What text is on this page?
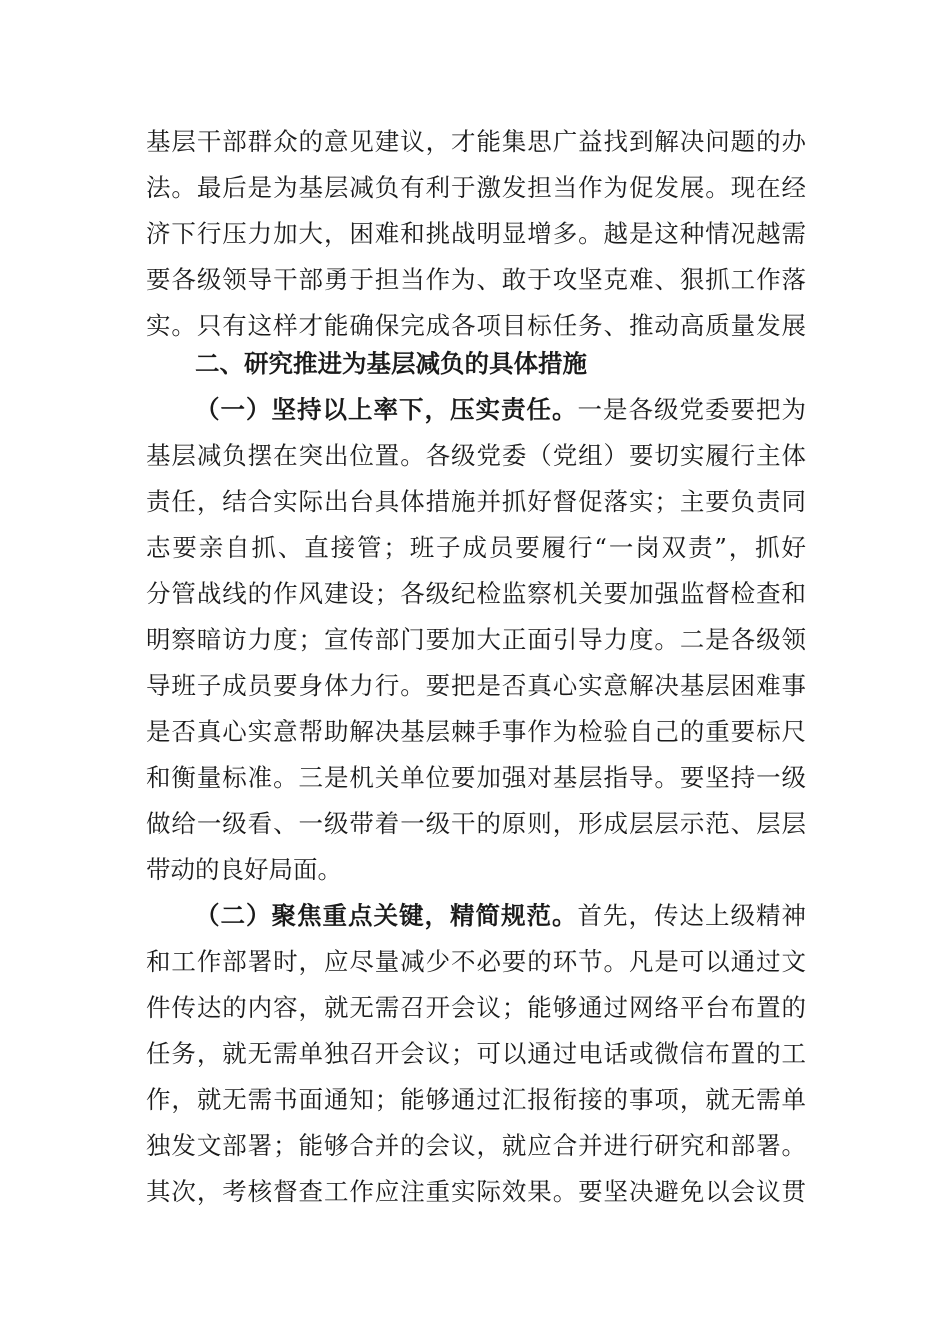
基层干部群众的意见建议，才能集思广益找到解决问题的办
法。最后是为基层减负有利于激发担当作为促发展。现在经
济下行压力加大，困难和挑战明显增多。越是这种情况越需
要各级领导干部勇于担当作为、敢于攻坚克难、狠抓工作落
实。只有这样才能确保完成各项目标任务、推动高质量发展
二、研究推进为基层减负的具体措施
（一）坚持以上率下，压实责任。一是各级党委要把为
基层减负摆在突出位置。各级党委（党组）要切实履行主体
责任，结合实际出台具体措施并抓好督促落实；主要负责同
志要亲自抓、直接管；班子成员要履行“一岗双责”，抓好
分管战线的作风建设；各级纪检监察机关要加强监督检查和
明察暗访力度；宣传部门要加大正面引导力度。二是各级领
导班子成员要身体力行。要把是否真心实意解决基层困难事
是否真心实意帮助解决基层棘手事作为检验自己的重要标尺
和衡量标准。三是机关单位要加强对基层指导。要坚持一级
做给一级看、一级带着一级干的原则，形成层层示范、层层
带动的良好局面。
（二）聚焦重点关键，精简规范。首先，传达上级精神
和工作部署时，应尽量减少不必要的环节。凡是可以通过文
件传达的内容，就无需召开会议；能够通过网络平台布置的
任务，就无需单独召开会议；可以通过电话或微信布置的工
作，就无需书面通知；能够通过汇报衔接的事项，就无需单
独发文部署；能够合并的会议，就应合并进行研究和部署。
其次，考核督查工作应注重实际效果。要坚决避免以会议贯
